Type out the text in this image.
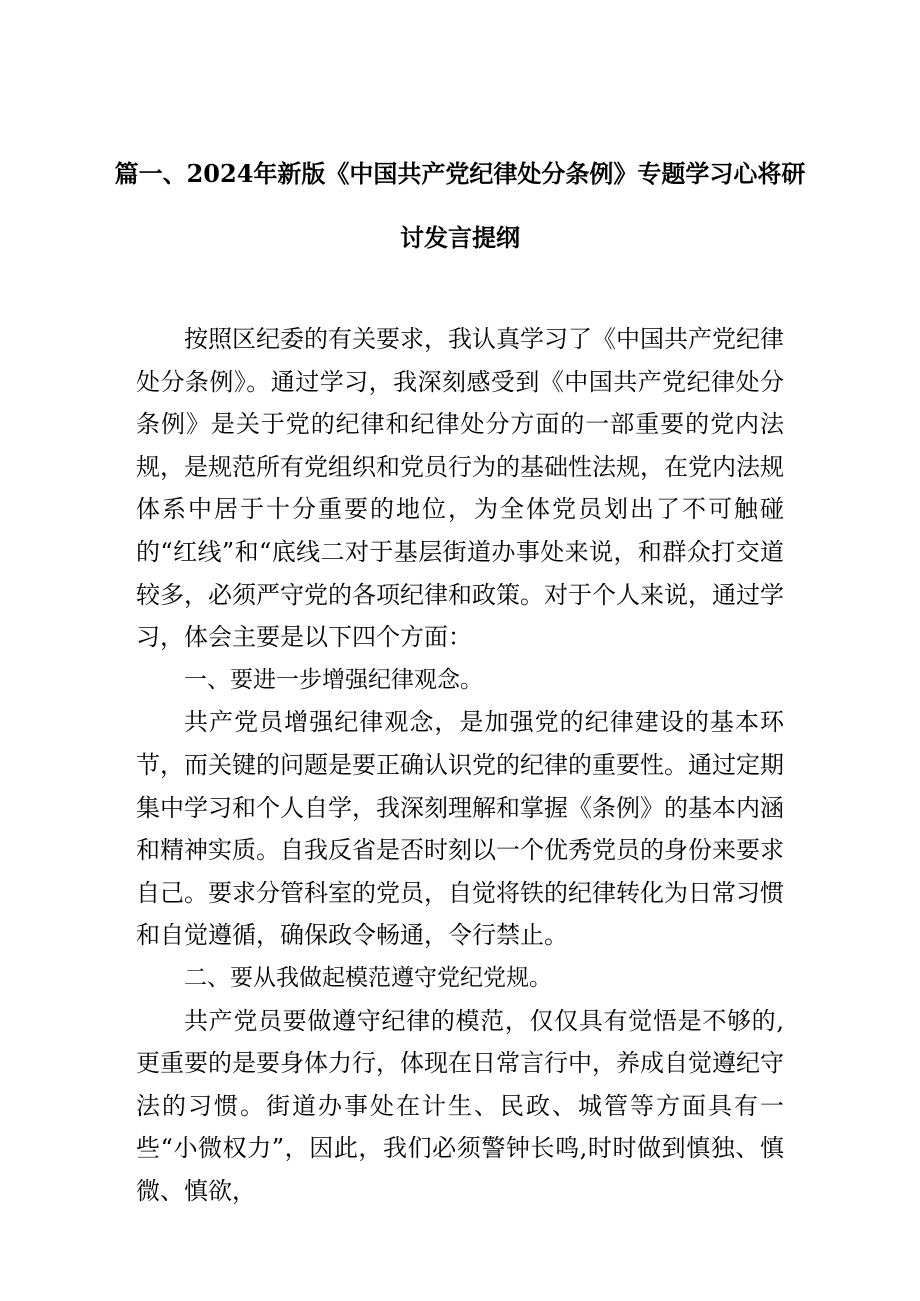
篇一、2024年新版《中国共产党纪律处分条例》专题学习心将研
讨发言提纲

按照区纪委的有关要求，我认真学习了《中国共产党纪律处分条例》。通过学习，我深刻感受到《中国共产党纪律处分条例》是关于党的纪律和纪律处分方面的一部重要的党内法规，是规范所有党组织和党员行为的基础性法规，在党内法规体系中居于十分重要的地位，为全体党员划出了不可触碰的“红线”和“底线二对于基层街道办事处来说，和群众打交道较多，必须严守党的各项纪律和政策。对于个人来说，通过学习，体会主要是以下四个方面：

一、要进一步增强纪律观念。

共产党员增强纪律观念，是加强党的纪律建设的基本环节，而关键的问题是要正确认识党的纪律的重要性。通过定期集中学习和个人自学，我深刻理解和掌握《条例》的基本内涵和精神实质。自我反省是否时刻以一个优秀党员的身份来要求自己。要求分管科室的党员，自觉将铁的纪律转化为日常习惯和自觉遵循，确保政令畅通，令行禁止。

二、要从我做起模范遵守党纪党规。

共产党员要做遵守纪律的模范，仅仅具有觉悟是不够的,更重要的是要身体力行，体现在日常言行中，养成自觉遵纪守法的习惯。街道办事处在计生、民政、城管等方面具有一些“小微权力”，因此，我们必须警钟长鸣,时时做到慎独、慎微、慎欲，
